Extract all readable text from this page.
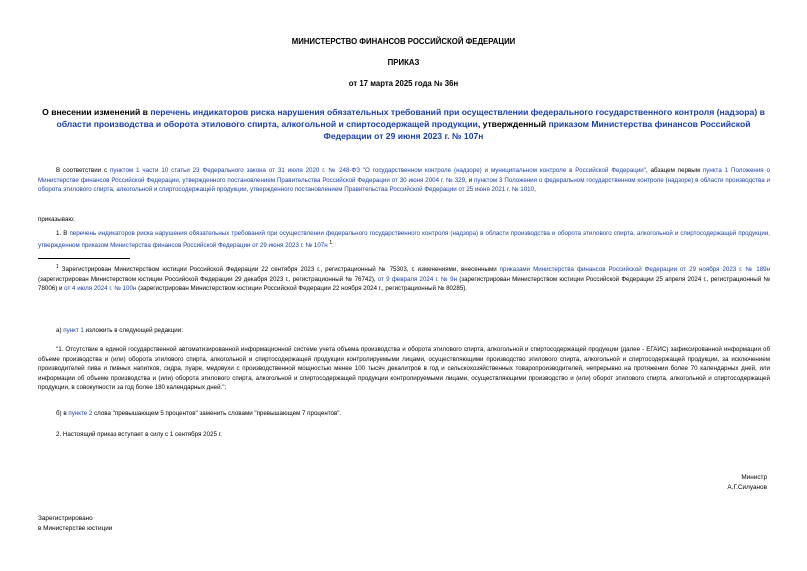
МИНИСТЕРСТВО ФИНАНСОВ РОССИЙСКОЙ ФЕДЕРАЦИИ
ПРИКАЗ
от 17 марта 2025 года № 36н
О внесении изменений в перечень индикаторов риска нарушения обязательных требований при осуществлении федерального государственного контроля (надзора) в области производства и оборота этилового спирта, алкогольной и спиртосодержащей продукции, утвержденный приказом Министерства финансов Российской Федерации от 29 июня 2023 г. № 107н
В соответствии с пунктом 1 части 10 статьи 23 Федерального закона от 31 июля 2020 г. № 248-ФЗ "О государственном контроле (надзоре) и муниципальном контроле в Российской Федерации", абзацем первым пункта 1 Положения о Министерстве финансов Российской Федерации, утвержденного постановлением Правительства Российской Федерации от 30 июня 2004 г. № 329, и пунктом 3 Положения о федеральном государственном контроле (надзоре) в области производства и оборота этилового спирта, алкогольной и спиртосодержащей продукции, утвержденного постановлением Правительства Российской Федерации от 25 июня 2021 г. № 1010,
приказываю:
1. В перечень индикаторов риска нарушения обязательных требований при осуществлении федерального государственного контроля (надзора) в области производства и оборота этилового спирта, алкогольной и спиртосодержащей продукции, утвержденном приказом Министерства финансов Российской Федерации от 29 июня 2023 г. № 107н $^1$:
$^1$ Зарегистрирован Министерством юстиции Российской Федерации 22 сентября 2023 г., регистрационный № 75303, с изменениями, внесенными приказами Министерства финансов Российской Федерации от 29 ноября 2023 г. № 189н (зарегистрирован Министерством юстиции Российской Федерации 29 декабря 2023 г., регистрационный № 76742), от 9 февраля 2024 г. № 9н (зарегистрирован Министерством юстиции Российской Федерации 25 апреля 2024 г., регистрационный № 78006) и от 4 июля 2024 г. № 100н (зарегистрирован Министерством юстиции Российской Федерации 22 ноября 2024 г., регистрационный № 80285).
а) пункт 1 изложить в следующей редакции:
"1. Отсутствие в единой государственной автоматизированной информационной системе учета объема производства и оборота этилового спирта, алкогольной и спиртосодержащей продукции (далее - ЕГАИС) зафиксированной информации об объеме производства и (или) оборота этилового спирта, алкогольной и спиртосодержащей продукции контролируемыми лицами, осуществляющими производство этилового спирта, алкогольной и спиртосодержащей продукции, за исключением производителей пива и пивных напитков, сидра, пуаре, медовухи с производственной мощностью менее 100 тысяч декалитров в год и сельскохозяйственных товаропроизводителей, непрерывно на протяжении более 70 календарных дней, или информации об объеме производства и (или) оборота этилового спирта, алкогольной и спиртосодержащей продукции контролируемыми лицами, осуществляющими производство и (или) оборот этилового спирта, алкогольной и спиртосодержащей продукции, в совокупности за год более 180 календарных дней.";
б) в пункте 2 слова "превышающем 5 процентов" заменить словами "превышающем 7 процентов".
2. Настоящий приказ вступает в силу с 1 сентября 2025 г.
Министр
А.Г.Силуанов
Зарегистрировано
в Министерстве юстиции
